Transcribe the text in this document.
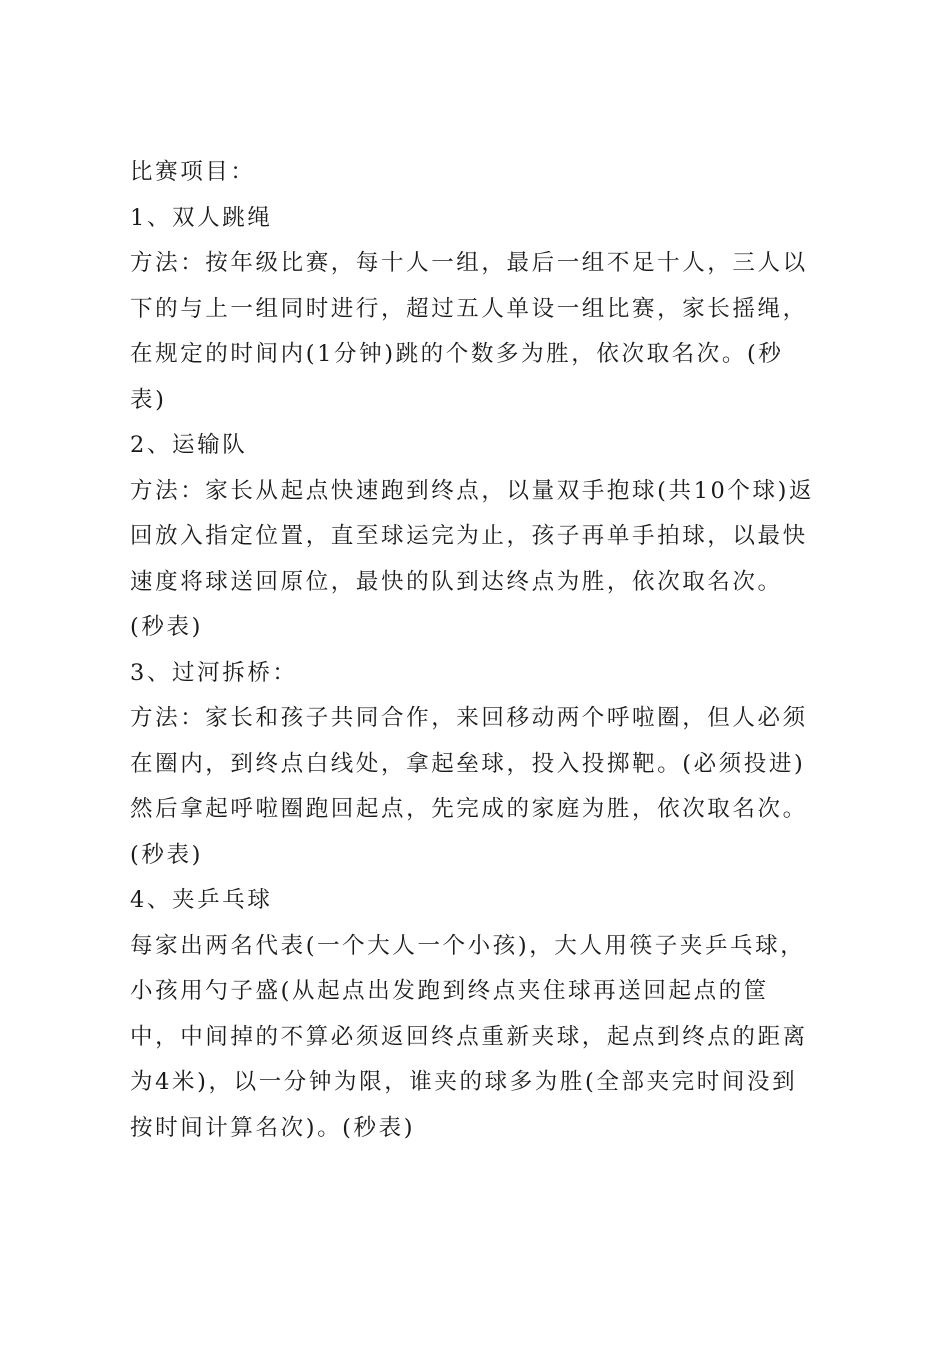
比赛项目：
1、双人跳绳
方法：按年级比赛，每十人一组，最后一组不足十人，三人以
下的与上一组同时进行，超过五人单设一组比赛，家长摇绳，
在规定的时间内(1分钟)跳的个数多为胜，依次取名次。(秒
表)
2、运输队
方法：家长从起点快速跑到终点，以量双手抱球(共10个球)返
回放入指定位置，直至球运完为止，孩子再单手拍球，以最快
速度将球送回原位，最快的队到达终点为胜，依次取名次。
(秒表)
3、过河拆桥：
方法：家长和孩子共同合作，来回移动两个呼啦圈，但人必须
在圈内，到终点白线处，拿起垒球，投入投掷靶。(必须投进)
然后拿起呼啦圈跑回起点，先完成的家庭为胜，依次取名次。
(秒表)
4、夹乒乓球
每家出两名代表(一个大人一个小孩)，大人用筷子夹乒乓球，
小孩用勺子盛(从起点出发跑到终点夹住球再送回起点的筐
中，中间掉的不算必须返回终点重新夹球，起点到终点的距离
为4米)，以一分钟为限，谁夹的球多为胜(全部夹完时间没到
按时间计算名次)。(秒表)
